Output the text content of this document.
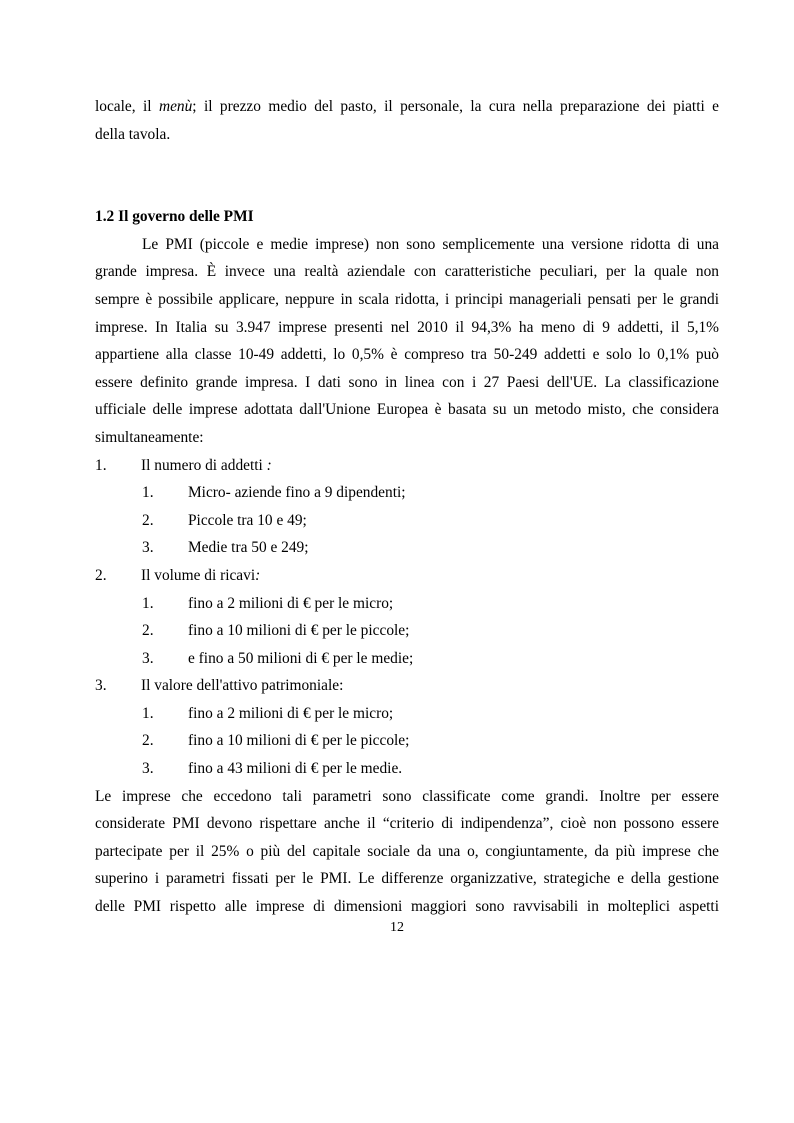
locale, il menù; il prezzo medio del pasto, il personale, la cura nella preparazione dei piatti e
della tavola.
1.2 Il governo delle PMI
Le PMI (piccole e medie imprese) non sono semplicemente una versione ridotta di una
grande impresa. È invece una realtà aziendale con caratteristiche peculiari, per la quale non
sempre è possibile applicare, neppure in scala ridotta, i principi manageriali pensati per le grandi
imprese. In Italia su 3.947 imprese presenti nel 2010 il 94,3% ha meno di 9 addetti, il 5,1%
appartiene alla classe 10-49 addetti, lo 0,5% è compreso tra 50-249 addetti e solo lo 0,1% può
essere definito grande impresa. I dati sono in linea con i 27 Paesi dell'UE. La classificazione
ufficiale delle imprese adottata dall'Unione Europea è basata su un metodo misto, che considera
simultaneamente:
1. Il numero di addetti :
1. Micro- aziende fino a 9 dipendenti;
2. Piccole tra 10 e 49;
3. Medie tra 50 e 249;
2. Il volume di ricavi:
1. fino a 2 milioni di € per le micro;
2. fino a 10 milioni di € per le piccole;
3. e fino a 50 milioni di € per le medie;
3. Il valore dell'attivo patrimoniale:
1. fino a 2 milioni di € per le micro;
2. fino a 10 milioni di € per le piccole;
3. fino a 43 milioni di € per le medie.
Le imprese che eccedono tali parametri sono classificate come grandi. Inoltre per essere
considerate PMI devono rispettare anche il “criterio di indipendenza”, cioè non possono essere
partecipate per il 25% o più del capitale sociale da una o, congiuntamente, da più imprese che
superino i parametri fissati per le PMI. Le differenze organizzative, strategiche e della gestione
delle PMI rispetto alle imprese di dimensioni maggiori sono ravvisabili in molteplici aspetti
12
